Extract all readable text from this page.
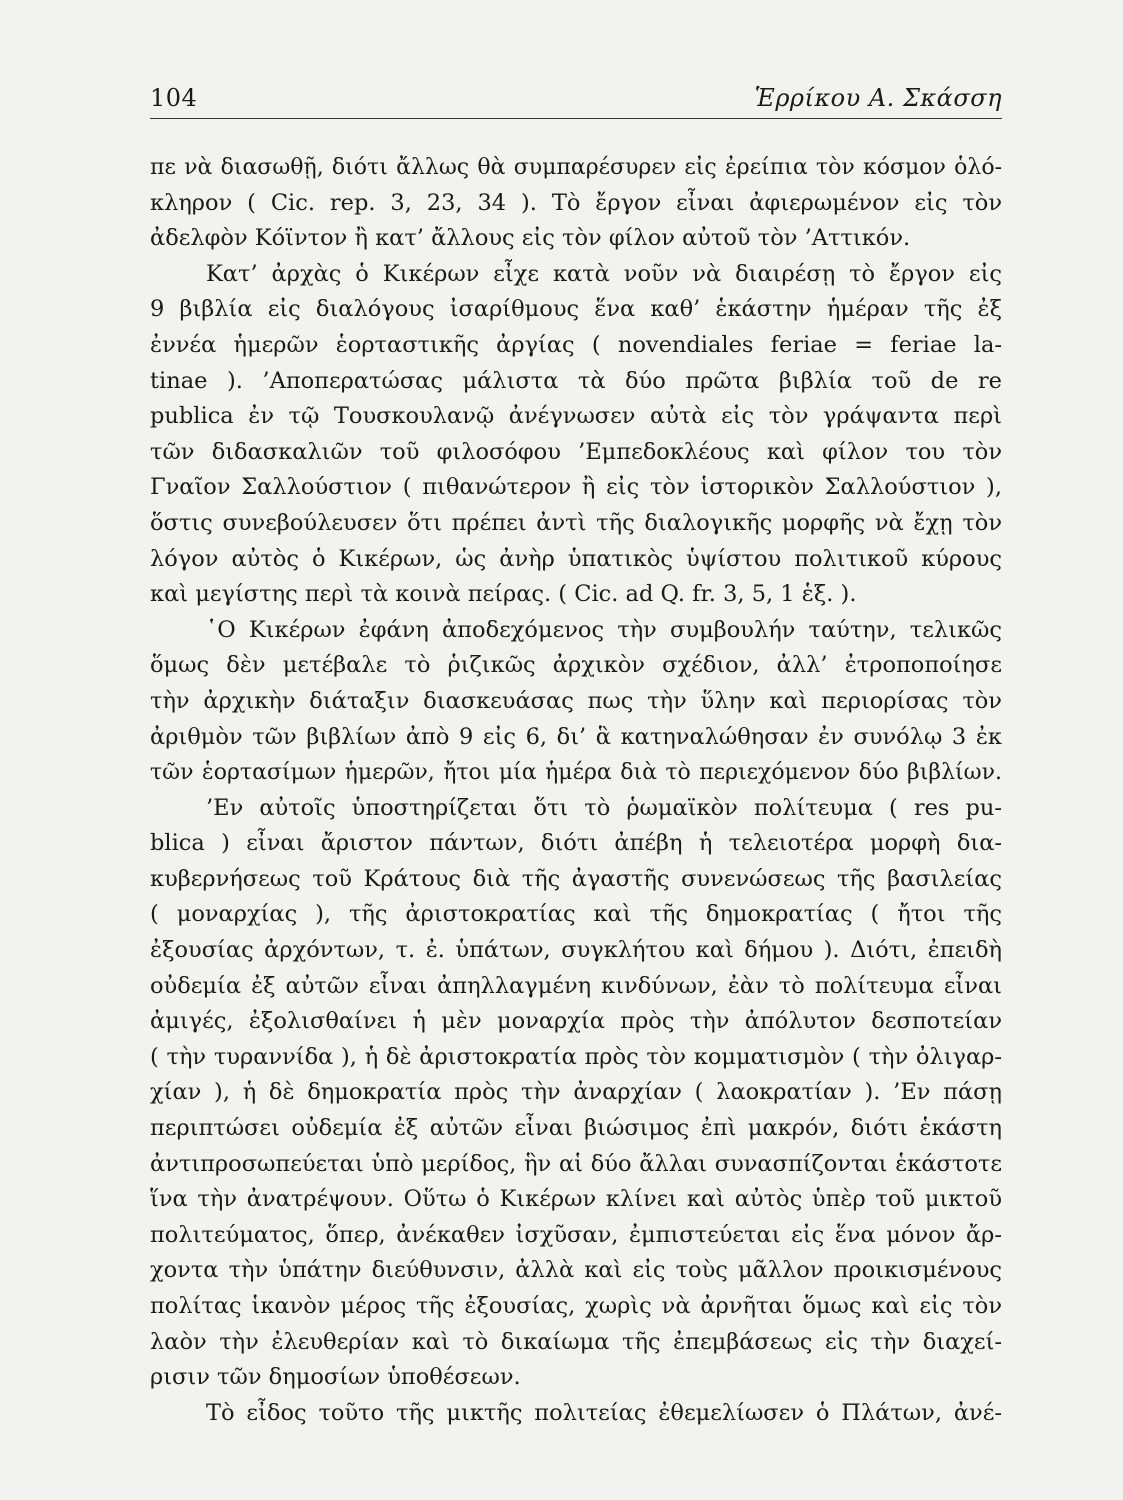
104	Ἑρρίκου Α. Σκάσση
πε νὰ διασωθῇ, διότι ἄλλως θὰ συμπαρέσυρεν εἰς ἐρείπια τὸν κόσμον ὁλό-
κληρον ( Cic. rep. 3, 23, 34 ). Τὸ ἔργον εἶναι ἀφιερωμένον εἰς τὸν
ἀδελφὸν Κόϊντον ἢ κατ’ ἄλλους εἰς τὸν φίλον αὐτοῦ τὸν ’Αττικόν.
Κατ’ ἀρχὰς ὁ Κικέρων εἶχε κατὰ νοῦν νὰ διαιρέσῃ τὸ ἔργον εἰς
9 βιβλία εἰς διαλόγους ἰσαρίθμους ἕνα καθ’ ἑκάστην ἡμέραν τῆς ἐξ
ἐννέα ἡμερῶν ἑορταστικῆς ἀργίας ( novendiales feriae = feriae la-
tinae ). ’Αποπερατώσας μάλιστα τὰ δύο πρῶτα βιβλία τοῦ de re
publica ἐν τῷ Τουσκουλανῷ ἀνέγνωσεν αὐτὰ εἰς τὸν γράψαντα περὶ
τῶν διδασκαλιῶν τοῦ φιλοσόφου ’Εμπεδοκλέους καὶ φίλον του τὸν
Γναῖον Σαλλούστιον ( πιθανώτερον ἢ εἰς τὸν ἱστορικὸν Σαλλούστιον ),
ὅστις συνεβούλευσεν ὅτι πρέπει ἀντὶ τῆς διαλογικῆς μορφῆς νὰ ἔχῃ τὸν
λόγον αὐτὸς ὁ Κικέρων, ὡς ἀνὴρ ὑπατικὸς ὑψίστου πολιτικοῦ κύρους
καὶ μεγίστης περὶ τὰ κοινὰ πείρας. ( Cic. ad Q. fr. 3, 5, 1 ἑξ. ).
῾Ο Κικέρων ἐφάνη ἀποδεχόμενος τὴν συμβουλήν ταύτην, τελικῶς
ὅμως δὲν μετέβαλε τὸ ῥιζικῶς ἀρχικὸν σχέδιον, ἀλλ’ ἐτροποποίησε
τὴν ἀρχικὴν διάταξιν διασκευάσας πως τὴν ὕλην καὶ περιορίσας τὸν
ἀριθμὸν τῶν βιβλίων ἀπὸ 9 εἰς 6, δι’ ἃ κατηναλώθησαν ἐν συνόλῳ 3 ἐκ
τῶν ἑορτασίμων ἡμερῶν, ἤτοι μία ἡμέρα διὰ τὸ περιεχόμενον δύο βιβλίων.
’Εν αὐτοῖς ὑποστηρίζεται ὅτι τὸ ῥωμαϊκὸν πολίτευμα ( res pu-
blica ) εἶναι ἄριστον πάντων, διότι ἀπέβη ἡ τελειοτέρα μορφὴ δια-
κυβερνήσεως τοῦ Κράτους διὰ τῆς ἀγαστῆς συνενώσεως τῆς βασιλείας
( μοναρχίας ), τῆς ἀριστοκρατίας καὶ τῆς δημοκρατίας ( ἤτοι τῆς
ἐξουσίας ἀρχόντων, τ. ἐ. ὑπάτων, συγκλήτου καὶ δήμου ). Διότι, ἐπειδὴ
οὐδεμία ἐξ αὐτῶν εἶναι ἀπηλλαγμένη κινδύνων, ἐὰν τὸ πολίτευμα εἶναι
ἀμιγές, ἐξολισθαίνει ἡ μὲν μοναρχία πρὸς τὴν ἀπόλυτον δεσποτείαν
( τὴν τυραννίδα ), ἡ δὲ ἀριστοκρατία πρὸς τὸν κομματισμὸν ( τὴν ὀλιγαρ-
χίαν ), ἡ δὲ δημοκρατία πρὸς τὴν ἀναρχίαν ( λαοκρατίαν ). ’Εν πάσῃ
περιπτώσει οὐδεμία ἐξ αὐτῶν εἶναι βιώσιμος ἐπὶ μακρόν, διότι ἑκάστη
ἀντιπροσωπεύεται ὑπὸ μερίδος, ἣν αἱ δύο ἄλλαι συνασπίζονται ἑκάστοτε
ἵνα τὴν ἀνατρέψουν. Οὕτω ὁ Κικέρων κλίνει καὶ αὐτὸς ὑπὲρ τοῦ μικτοῦ
πολιτεύματος, ὅπερ, ἀνέκαθεν ἰσχῦσαν, ἐμπιστεύεται εἰς ἕνα μόνον ἄρ-
χοντα τὴν ὑπάτην διεύθυνσιν, ἀλλὰ καὶ εἰς τοὺς μᾶλλον προικισμένους
πολίτας ἱκανὸν μέρος τῆς ἐξουσίας, χωρὶς νὰ ἀρνῆται ὅμως καὶ εἰς τὸν
λαὸν τὴν ἐλευθερίαν καὶ τὸ δικαίωμα τῆς ἐπεμβάσεως εἰς τὴν διαχεί-
ρισιν τῶν δημοσίων ὑποθέσεων.
Τὸ εἶδος τοῦτο τῆς μικτῆς πολιτείας ἐθεμελίωσεν ὁ Πλάτων, ἀνέ-
